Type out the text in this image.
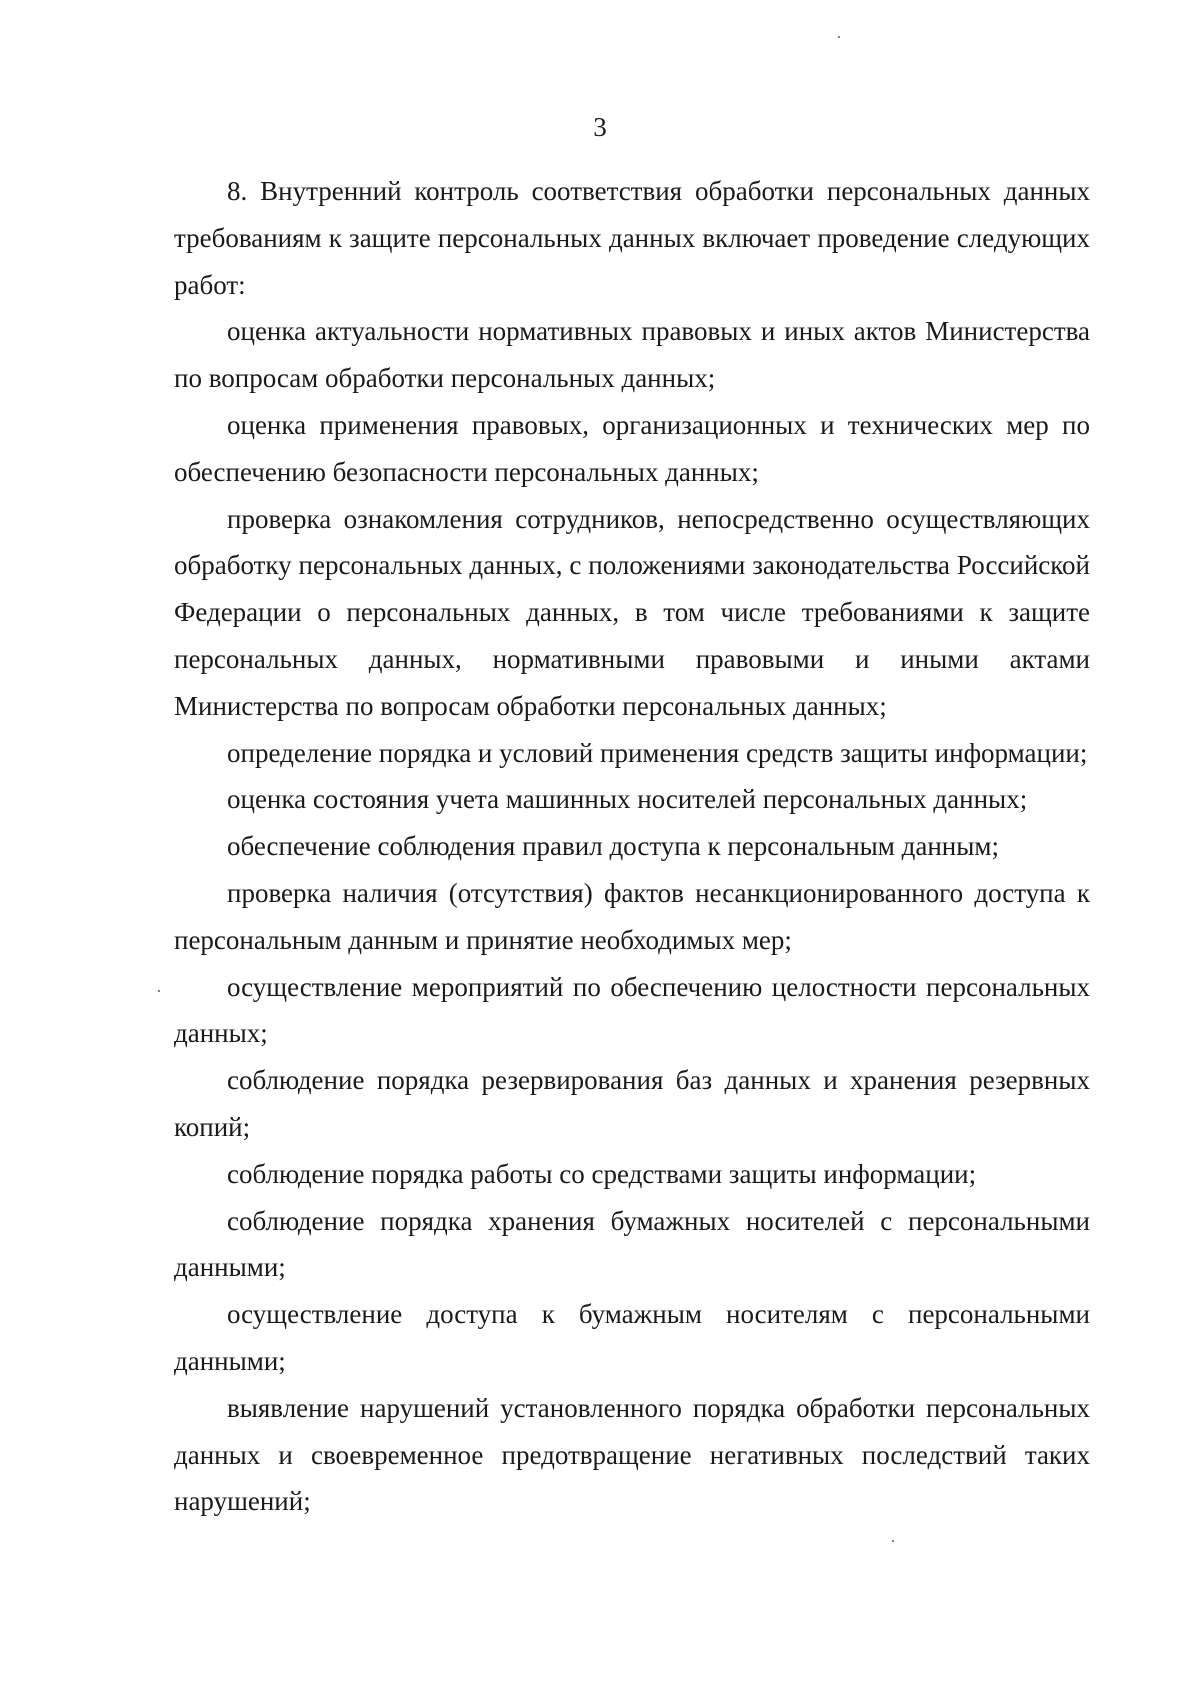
3

8. Внутренний контроль соответствия обработки персональных данных требованиям к защите персональных данных включает проведение следующих работ:

оценка актуальности нормативных правовых и иных актов Министерства по вопросам обработки персональных данных;

оценка применения правовых, организационных и технических мер по обеспечению безопасности персональных данных;

проверка ознакомления сотрудников, непосредственно осуществляющих обработку персональных данных, с положениями законодательства Российской Федерации о персональных данных, в том числе требованиями к защите персональных данных, нормативными правовыми и иными актами Министерства по вопросам обработки персональных данных;

определение порядка и условий применения средств защиты информации;

оценка состояния учета машинных носителей персональных данных;

обеспечение соблюдения правил доступа к персональным данным;

проверка наличия (отсутствия) фактов несанкционированного доступа к персональным данным и принятие необходимых мер;

осуществление мероприятий по обеспечению целостности персональных данных;

соблюдение порядка резервирования баз данных и хранения резервных копий;

соблюдение порядка работы со средствами защиты информации;

соблюдение порядка хранения бумажных носителей с персональными данными;

осуществление доступа к бумажным носителям с персональными данными;

выявление нарушений установленного порядка обработки персональных данных и своевременное предотвращение негативных последствий таких нарушений;
